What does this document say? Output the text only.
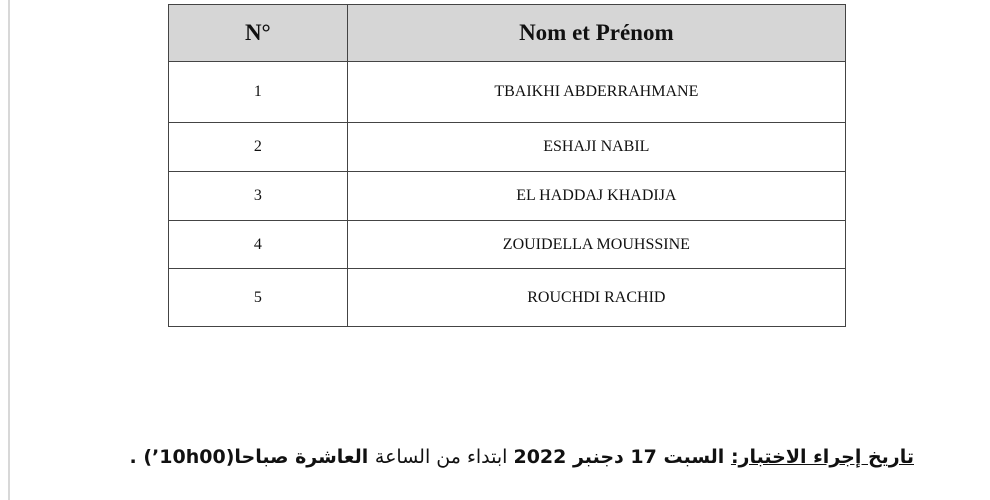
N°	Nom et Prénom
1	TBAIKHI ABDERRAHMANE
2	ESHAJI NABIL
3	EL HADDAJ KHADIJA
4	ZOUIDELLA MOUHSSINE
5	ROUCHDI RACHID
تاريخ إجراء الاختبار: السبت 17 دجنبر 2022 ابتداء من الساعة العاشرة صباحا(10h00’) .
